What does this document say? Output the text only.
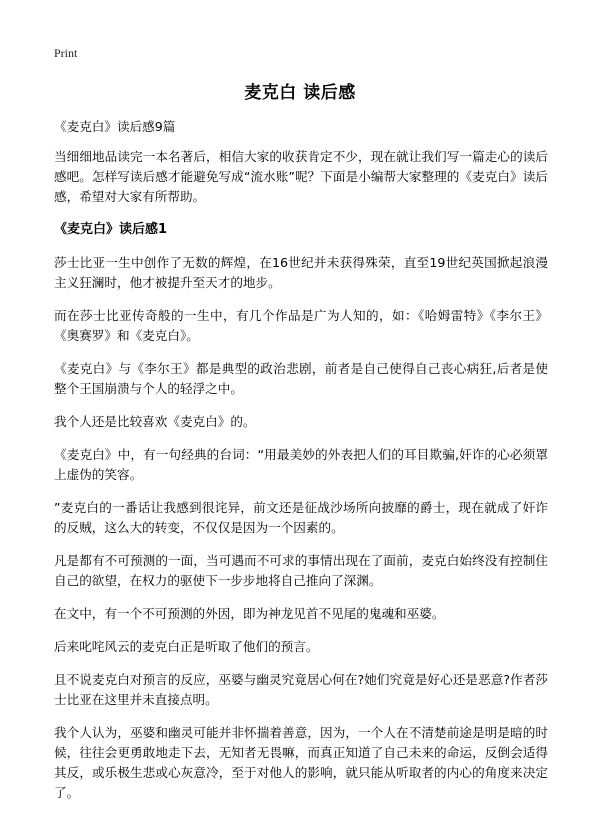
Print
麦克白 读后感
《麦克白》读后感9篇
当细细地品读完一本名著后，相信大家的收获肯定不少，现在就让我们写一篇走心的读后感吧。怎样写读后感才能避免写成“流水账”呢？下面是小编帮大家整理的《麦克白》读后感，希望对大家有所帮助。
《麦克白》读后感1
莎士比亚一生中创作了无数的辉煌，在16世纪并未获得殊荣，直至19世纪英国掀起浪漫主义狂澜时，他才被提升至天才的地步。
而在莎士比亚传奇般的一生中，有几个作品是广为人知的，如：《哈姆雷特》《李尔王》《奥赛罗》和《麦克白》。
《麦克白》与《李尔王》都是典型的政治悲剧，前者是自己使得自己丧心病狂,后者是使整个王国崩溃与个人的轻浮之中。
我个人还是比较喜欢《麦克白》的。
《麦克白》中，有一句经典的台词：“用最美妙的外表把人们的耳目欺骗,奸诈的心必须罩上虚伪的笑容。
”麦克白的一番话让我感到很诧异，前文还是征战沙场所向披靡的爵士，现在就成了奸诈的反贼，这么大的转变，不仅仅是因为一个因素的。
凡是都有不可预测的一面，当可遇而不可求的事情出现在了面前，麦克白始终没有控制住自己的欲望，在权力的驱使下一步步地将自己推向了深渊。
在文中，有一个不可预测的外因，即为神龙见首不见尾的鬼魂和巫婆。
后来叱咤风云的麦克白正是听取了他们的预言。
且不说麦克白对预言的反应，巫婆与幽灵究竟居心何在?她们究竟是好心还是恶意?作者莎士比亚在这里并未直接点明。
我个人认为，巫婆和幽灵可能并非怀揣着善意，因为，一个人在不清楚前途是明是暗的时候，往往会更勇敢地走下去，无知者无畏嘛，而真正知道了自己未来的命运，反倒会适得其反，或乐极生悲或心灰意冷，至于对他人的影响，就只能从听取者的内心的角度来决定了。
